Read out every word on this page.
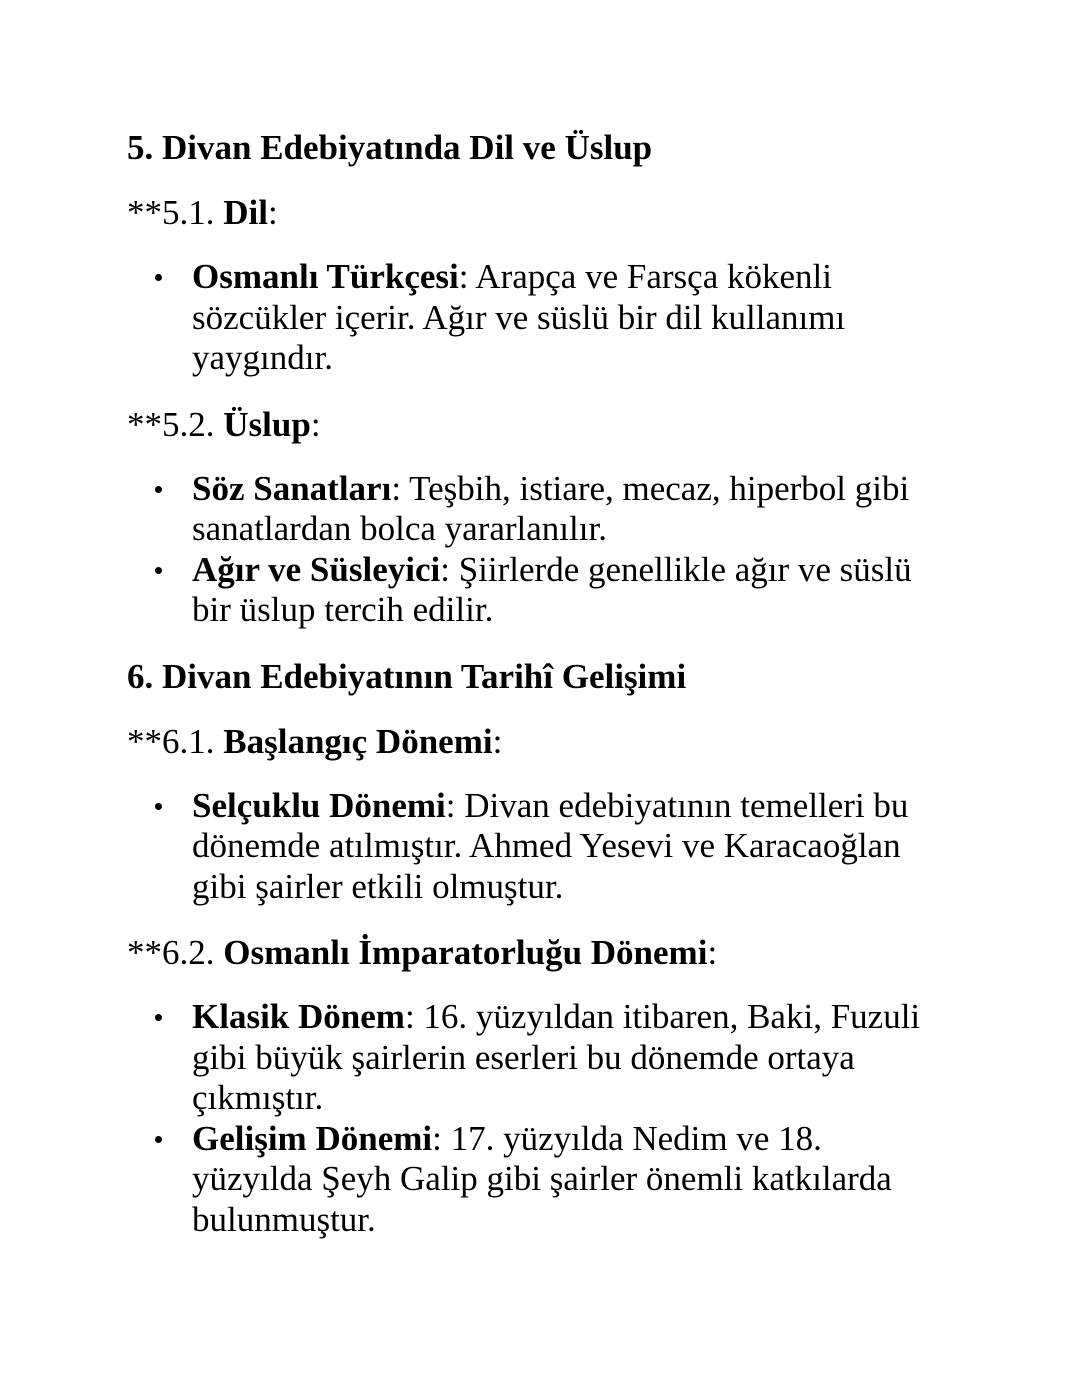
5. Divan Edebiyatında Dil ve Üslup

**5.1. Dil:

Osmanlı Türkçesi: Arapça ve Farsça kökenli sözcükler içerir. Ağır ve süslü bir dil kullanımı yaygındır.

**5.2. Üslup:

Söz Sanatları: Teşbih, istiare, mecaz, hiperbol gibi sanatlardan bolca yararlanılır.
Ağır ve Süsleyici: Şiirlerde genellikle ağır ve süslü bir üslup tercih edilir.
6. Divan Edebiyatının Tarihî Gelişimi

**6.1. Başlangıç Dönemi:

Selçuklu Dönemi: Divan edebiyatının temelleri bu dönemde atılmıştır. Ahmed Yesevi ve Karacaoğlan gibi şairler etkili olmuştur.

**6.2. Osmanlı İmparatorluğu Dönemi:

Klasik Dönem: 16. yüzyıldan itibaren, Baki, Fuzuli gibi büyük şairlerin eserleri bu dönemde ortaya çıkmıştır.
Gelişim Dönemi: 17. yüzyılda Nedim ve 18. yüzyılda Şeyh Galip gibi şairler önemli katkılarda bulunmuştur.
